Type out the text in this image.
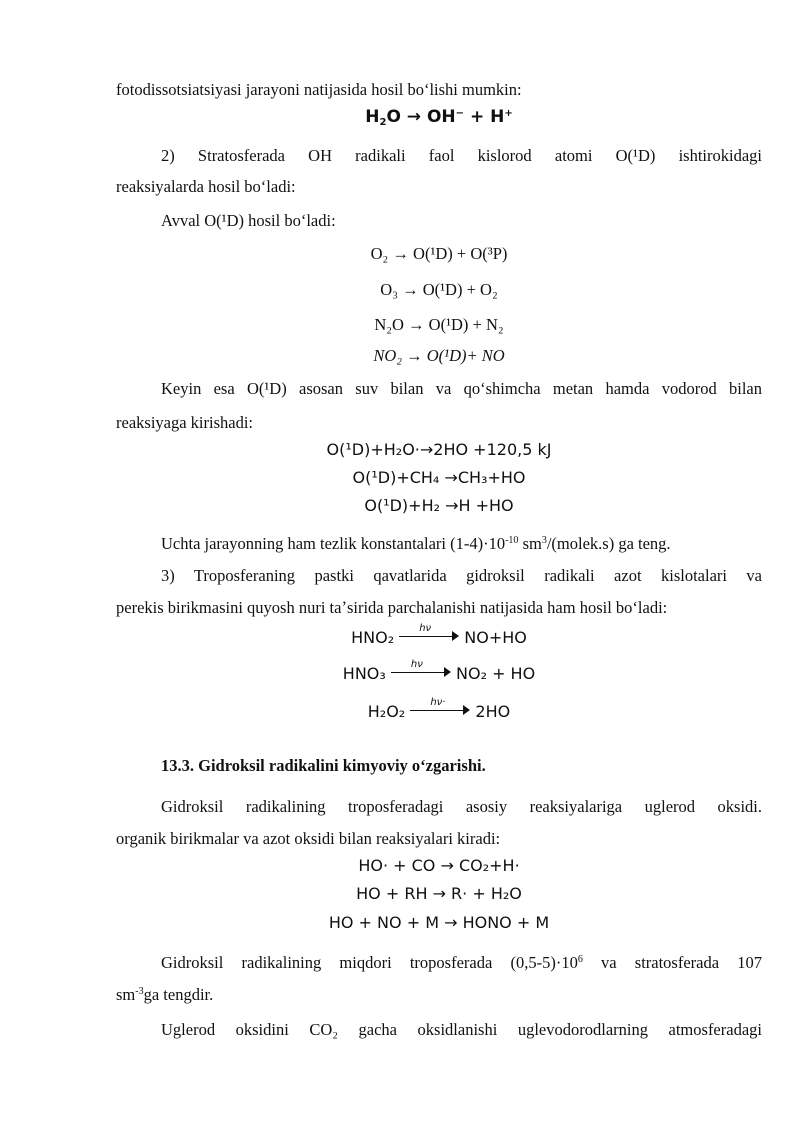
fotodissotsiatsiyasi jarayoni natijasida hosil boʻlishi mumkin:

$H_2O \to OH^- + H^+$

2) Stratosferada OH radikali faol kislorod atomi O(¹D) ishtirokidagi

reaksiyalarda hosil boʻladi:

Avval O(¹D) hosil boʻladi:

O₂ → O(¹D) + O(³P)
O₃ → O(¹D) + O₂
N₂O → O(¹D) + N₂
NO₂ → O(¹D)+ NO

Keyin esa O(¹D) asosan suv bilan va qoʻshimcha metan hamda vodorod bilan

reaksiyaga kirishadi:

O(¹D)+H₂O·→2HO +120,5 kJ
O(¹D)+CH₄ →CH₃+HO
O(¹D)+H₂ →H +HO

Uchta jarayonning ham tezlik konstantalari $(1-4)\cdot 10^{-10}$ $sm^3/(molek.s)$ ga teng.

3) Troposferaning pastki qavatlarida gidroksil radikali azot kislotalari va

perekis birikmasini quyosh nuri taʼsirida parchalanishi natijasida ham hosil boʻladi:

HNO₂	hν NO+HO
HNO₃	hν NO₂ + HO
H₂O₂	hν· 2HO

13.3. Gidroksil radikalini kimyoviy oʻzgarishi.

Gidroksil radikalining troposferadagi asosiy reaksiyalariga uglerod oksidi.

organik birikmalar va azot oksidi bilan reaksiyalari kiradi:

HO· + CO → CO₂+H·
HO + RH → R· + H₂O
HO + NO + M → HONO + M

Gidroksil radikalining miqdori troposferada $(0,5-5)\cdot 10^6$ va stratosferada 107

$sm^{-3}ga$ tengdir.

Uglerod oksidini CO₂ gacha oksidlanishi uglevodorodlarning atmosferadagi
